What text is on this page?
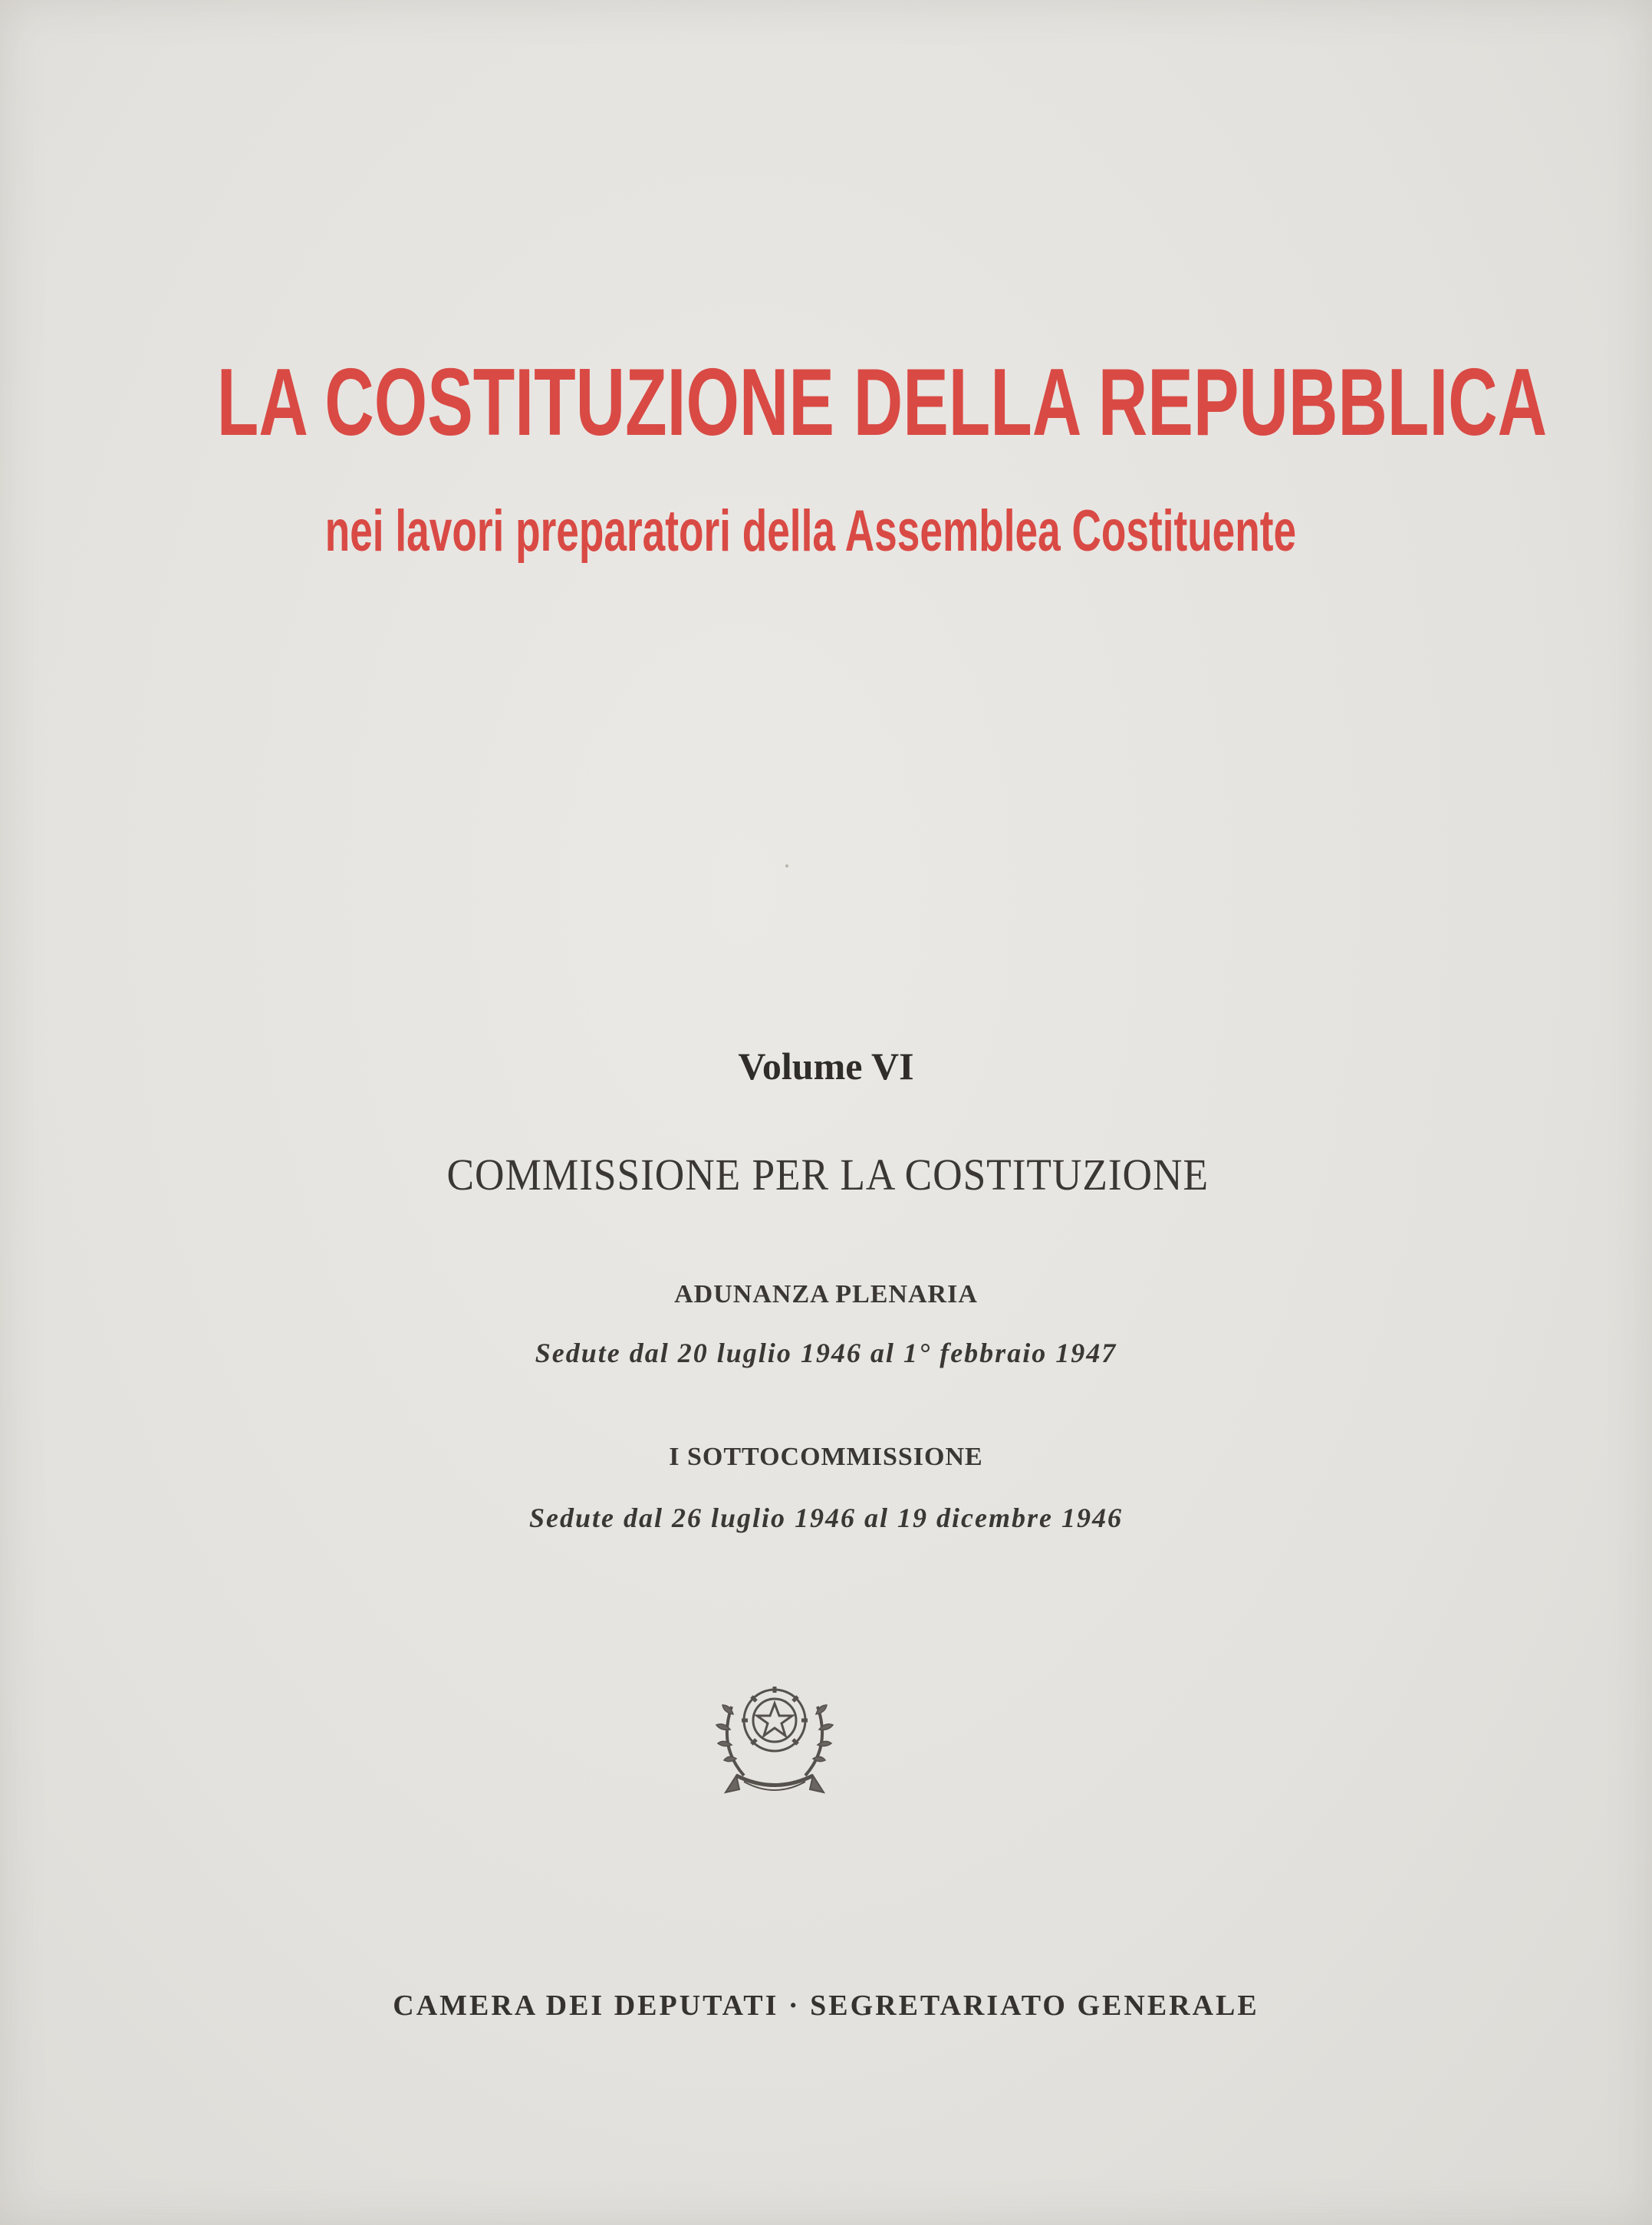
LA COSTITUZIONE DELLA REPUBBLICA
nei lavori preparatori della Assemblea Costituente
Volume VI
COMMISSIONE PER LA COSTITUZIONE
ADUNANZA PLENARIA
Sedute dal 20 luglio 1946 al 1° febbraio 1947
I SOTTOCOMMISSIONE
Sedute dal 26 luglio 1946 al 19 dicembre 1946
CAMERA DEI DEPUTATI · SEGRETARIATO GENERALE
